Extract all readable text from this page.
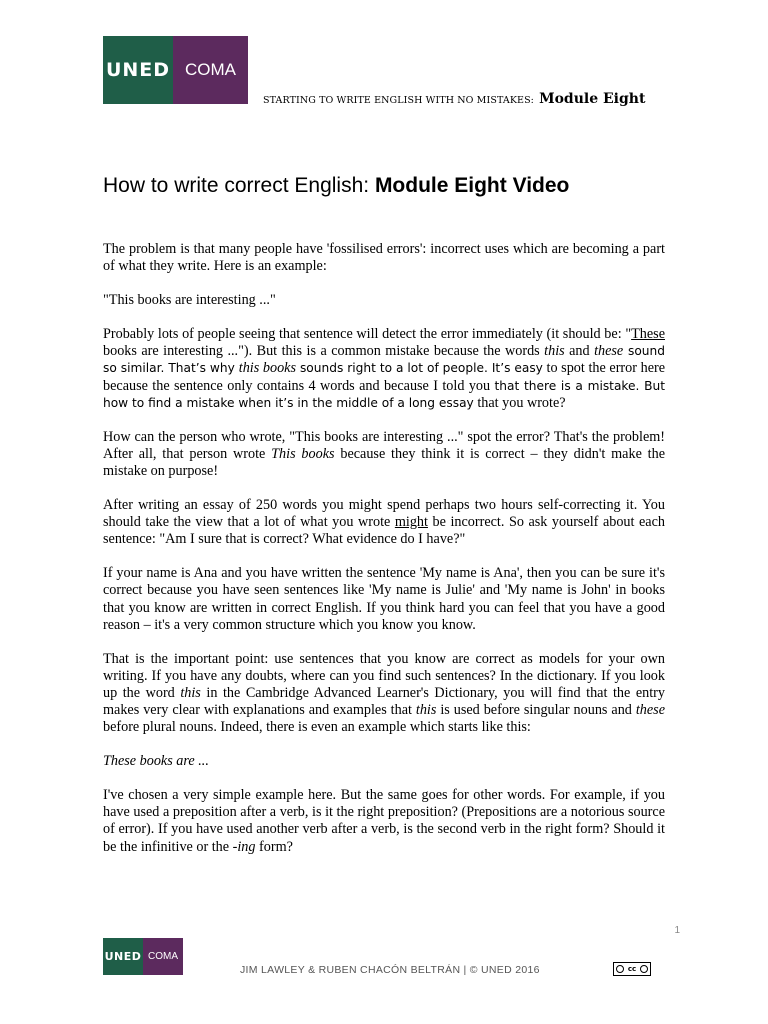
UNED COMA
STARTING TO WRITE ENGLISH WITH NO MISTAKES: Module Eight
How to write correct English: Module Eight Video

The problem is that many people have 'fossilised errors': incorrect uses which are becoming a part of what they write. Here is an example:

"This books are interesting ..."

Probably lots of people seeing that sentence will detect the error immediately (it should be: "These books are interesting ..."). But this is a common mistake because the words this and these sound so similar. That’s why this books sounds right to a lot of people. It’s easy to spot the error here because the sentence only contains 4 words and because I told you that there is a mistake. But how to find a mistake when it’s in the middle of a long essay that you wrote?

How can the person who wrote, "This books are interesting ..." spot the error? That's the problem! After all, that person wrote This books because they think it is correct – they didn't make the mistake on purpose!

After writing an essay of 250 words you might spend perhaps two hours self-correcting it. You should take the view that a lot of what you wrote might be incorrect. So ask yourself about each sentence: "Am I sure that is correct? What evidence do I have?"

If your name is Ana and you have written the sentence 'My name is Ana', then you can be sure it's correct because you have seen sentences like 'My name is Julie' and 'My name is John' in books that you know are written in correct English. If you think hard you can feel that you have a good reason – it's a very common structure which you know you know.

That is the important point: use sentences that you know are correct as models for your own writing. If you have any doubts, where can you find such sentences? In the dictionary. If you look up the word this in the Cambridge Advanced Learner's Dictionary, you will find that the entry makes very clear with explanations and examples that this is used before singular nouns and these before plural nouns. Indeed, there is even an example which starts like this:

These books are ...

I've chosen a very simple example here. But the same goes for other words. For example, if you have used a preposition after a verb, is it the right preposition? (Prepositions are a notorious source of error). If you have used another verb after a verb, is the second verb in the right form? Should it be the infinitive or the -ing form?

1
UNED COMA
JIM LAWLEY & RUBEN CHACÓN BELTRÁN | © UNED 2016	cc
